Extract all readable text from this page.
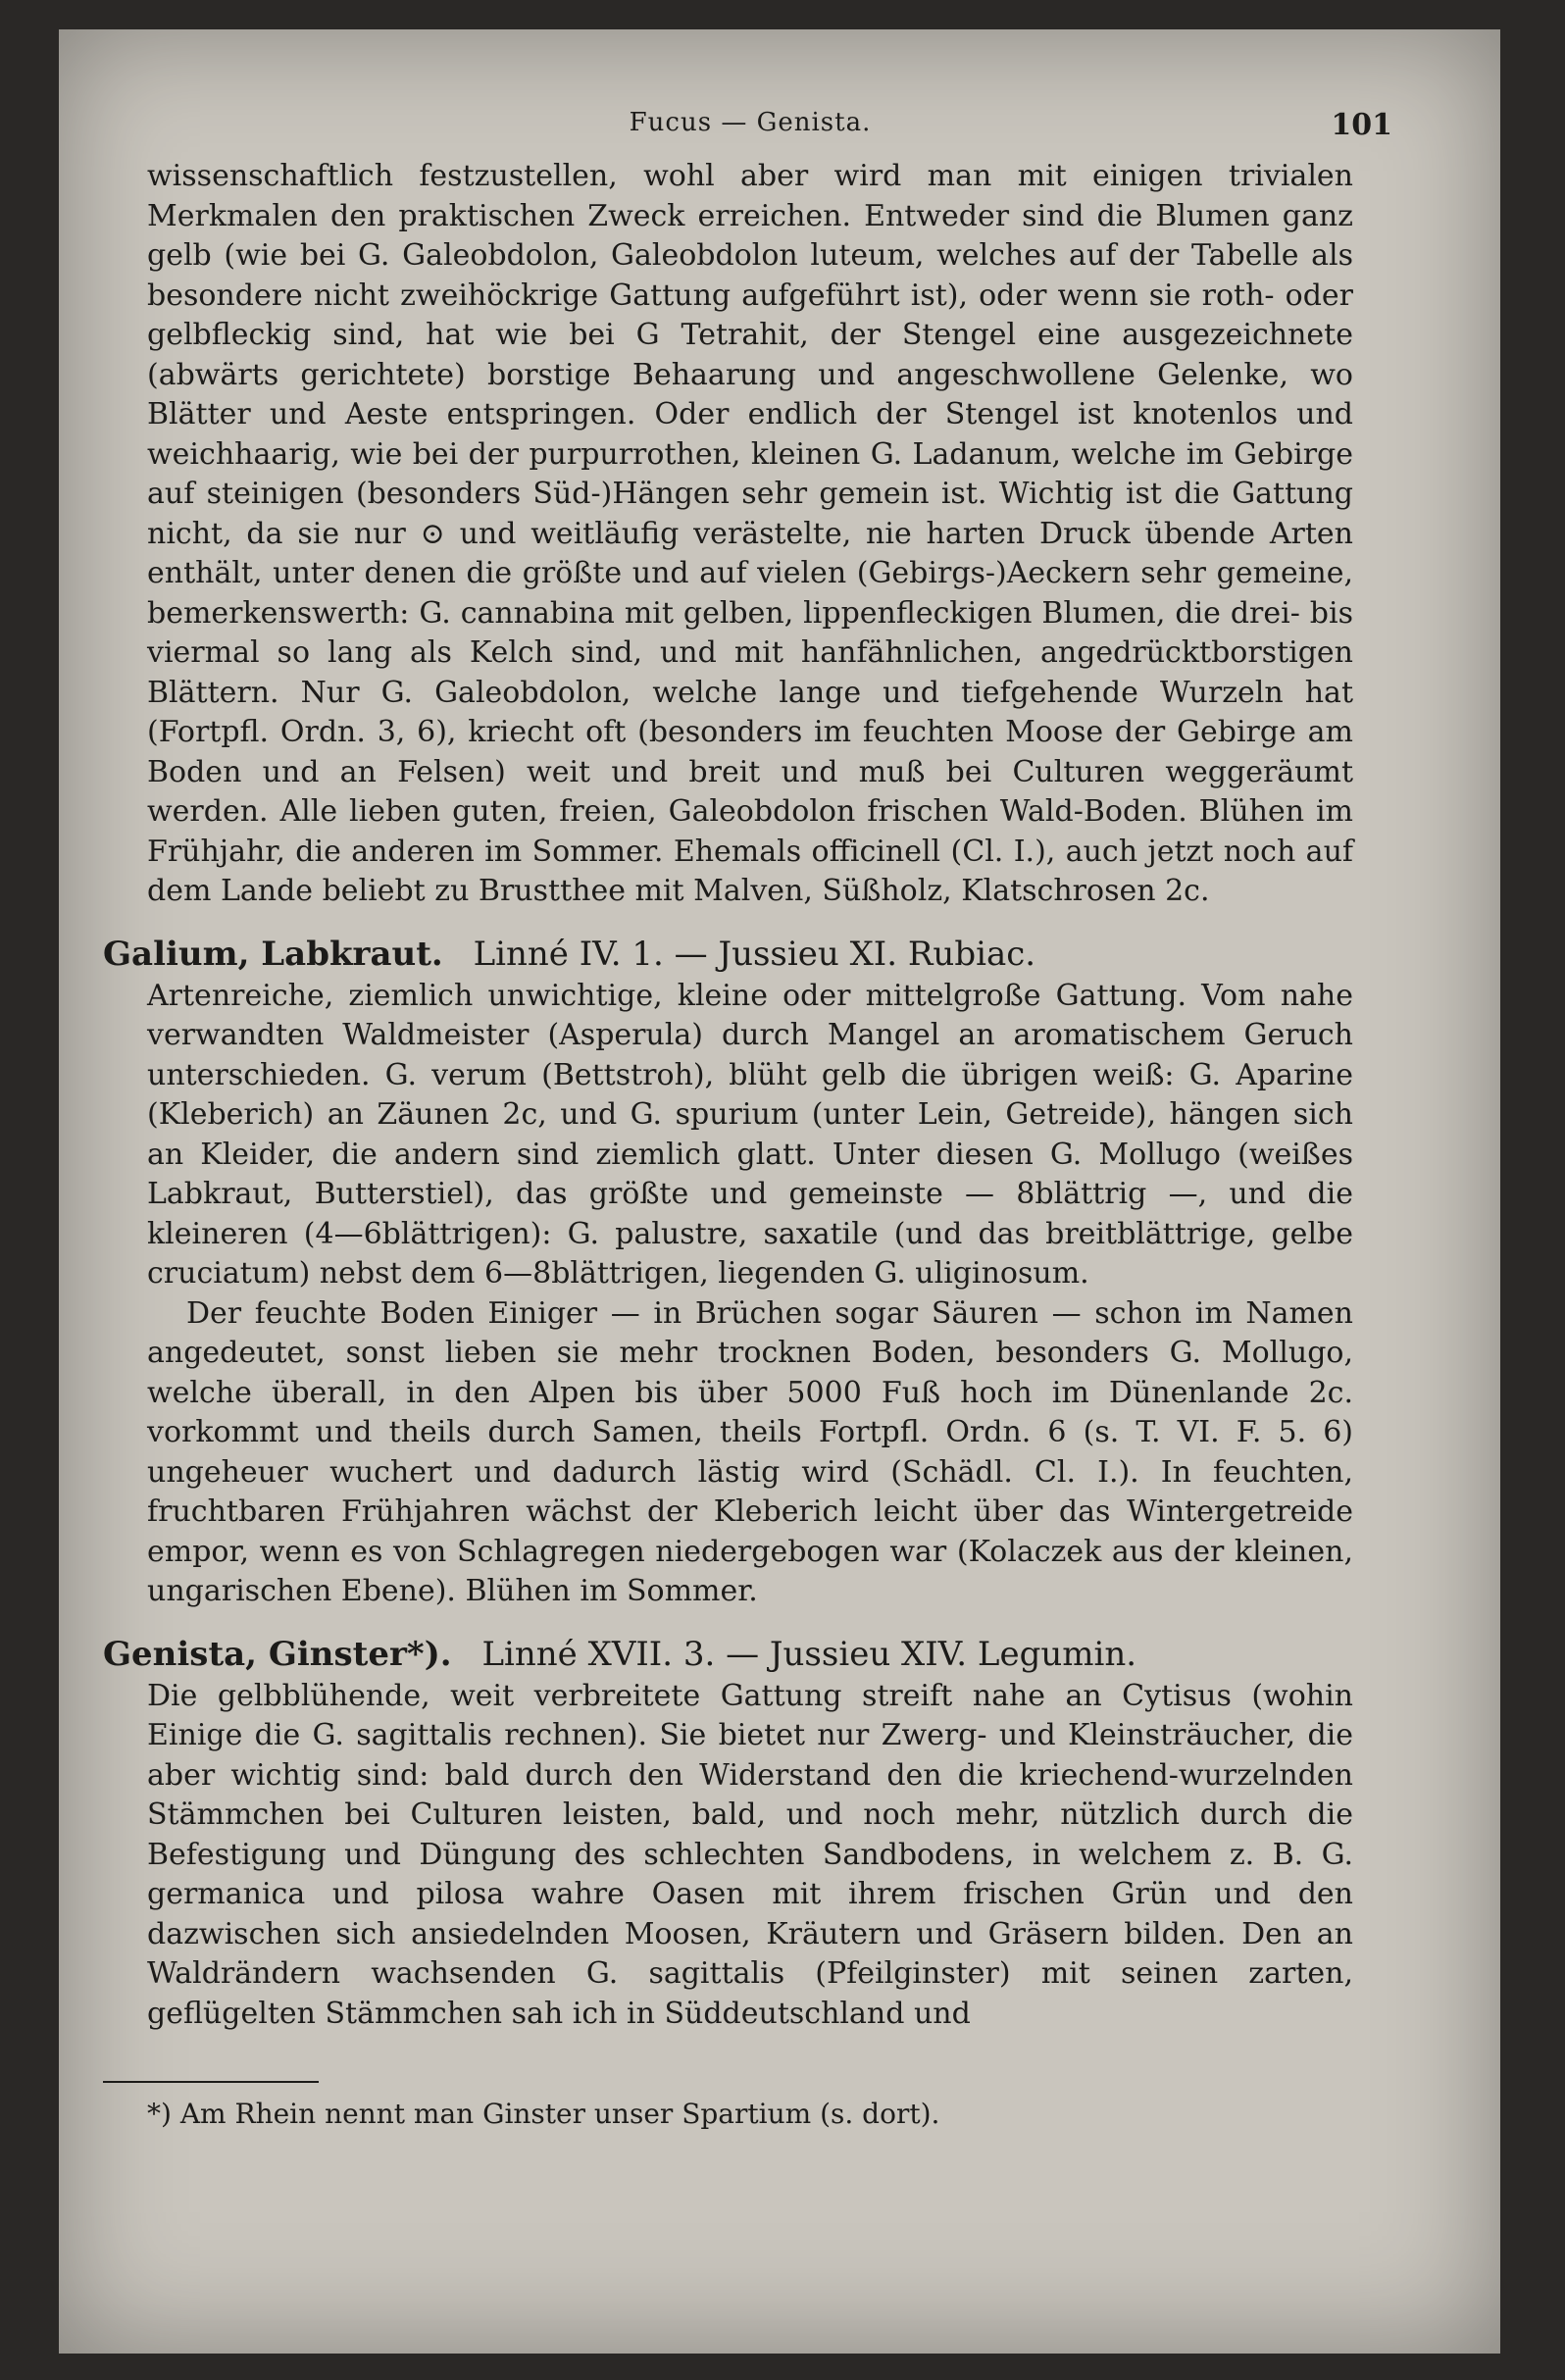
Fucus — Genista.	101

wissenschaftlich festzustellen, wohl aber wird man mit einigen trivialen Merkmalen den praktischen Zweck erreichen. Entweder sind die Blumen ganz gelb (wie bei G. Galeobdolon, Galeobdolon luteum, welches auf der Tabelle als besondere nicht zweihöckrige Gattung aufgeführt ist), oder wenn sie roth- oder gelbfleckig sind, hat wie bei G Tetrahit, der Stengel eine ausgezeichnete (abwärts gerichtete) borstige Behaarung und angeschwollene Gelenke, wo Blätter und Aeste entspringen. Oder endlich der Stengel ist knotenlos und weichhaarig, wie bei der purpurrothen, kleinen G. Ladanum, welche im Gebirge auf steinigen (besonders Süd-)Hängen sehr gemein ist. Wichtig ist die Gattung nicht, da sie nur ⊙ und weitläufig verästelte, nie harten Druck übende Arten enthält, unter denen die größte und auf vielen (Gebirgs-)Aeckern sehr gemeine, bemerkenswerth: G. cannabina mit gelben, lippenfleckigen Blumen, die drei- bis viermal so lang als Kelch sind, und mit hanfähnlichen, angedrücktborstigen Blättern. Nur G. Galeobdolon, welche lange und tiefgehende Wurzeln hat (Fortpfl. Ordn. 3, 6), kriecht oft (besonders im feuchten Moose der Gebirge am Boden und an Felsen) weit und breit und muß bei Culturen weggeräumt werden. Alle lieben guten, freien, Galeobdolon frischen Wald-Boden. Blühen im Frühjahr, die anderen im Sommer. Ehemals officinell (Cl. I.), auch jetzt noch auf dem Lande beliebt zu Brustthee mit Malven, Süßholz, Klatschrosen 2c.

Galium, Labkraut. Linné IV. 1. — Jussieu XI. Rubiac.

Artenreiche, ziemlich unwichtige, kleine oder mittelgroße Gattung. Vom nahe verwandten Waldmeister (Asperula) durch Mangel an aromatischem Geruch unterschieden. G. verum (Bettstroh), blüht gelb die übrigen weiß: G. Aparine (Kleberich) an Zäunen 2c, und G. spurium (unter Lein, Getreide), hängen sich an Kleider, die andern sind ziemlich glatt. Unter diesen G. Mollugo (weißes Labkraut, Butterstiel), das größte und gemeinste — 8blättrig —, und die kleineren (4—6blättrigen): G. palustre, saxatile (und das breitblättrige, gelbe cruciatum) nebst dem 6—8blättrigen, liegenden G. uliginosum.

Der feuchte Boden Einiger — in Brüchen sogar Säuren — schon im Namen angedeutet, sonst lieben sie mehr trocknen Boden, besonders G. Mollugo, welche überall, in den Alpen bis über 5000 Fuß hoch im Dünenlande 2c. vorkommt und theils durch Samen, theils Fortpfl. Ordn. 6 (s. T. VI. F. 5. 6) ungeheuer wuchert und dadurch lästig wird (Schädl. Cl. I.). In feuchten, fruchtbaren Frühjahren wächst der Kleberich leicht über das Wintergetreide empor, wenn es von Schlagregen niedergebogen war (Kolaczek aus der kleinen, ungarischen Ebene). Blühen im Sommer.

Genista, Ginster*). Linné XVII. 3. — Jussieu XIV. Legumin.

Die gelbblühende, weit verbreitete Gattung streift nahe an Cytisus (wohin Einige die G. sagittalis rechnen). Sie bietet nur Zwerg- und Kleinsträucher, die aber wichtig sind: bald durch den Widerstand den die kriechend-wurzelnden Stämmchen bei Culturen leisten, bald, und noch mehr, nützlich durch die Befestigung und Düngung des schlechten Sandbodens, in welchem z. B. G. germanica und pilosa wahre Oasen mit ihrem frischen Grün und den dazwischen sich ansiedelnden Moosen, Kräutern und Gräsern bilden. Den an Waldrändern wachsenden G. sagittalis (Pfeilginster) mit seinen zarten, geflügelten Stämmchen sah ich in Süddeutschland und

*) Am Rhein nennt man Ginster unser Spartium (s. dort).
